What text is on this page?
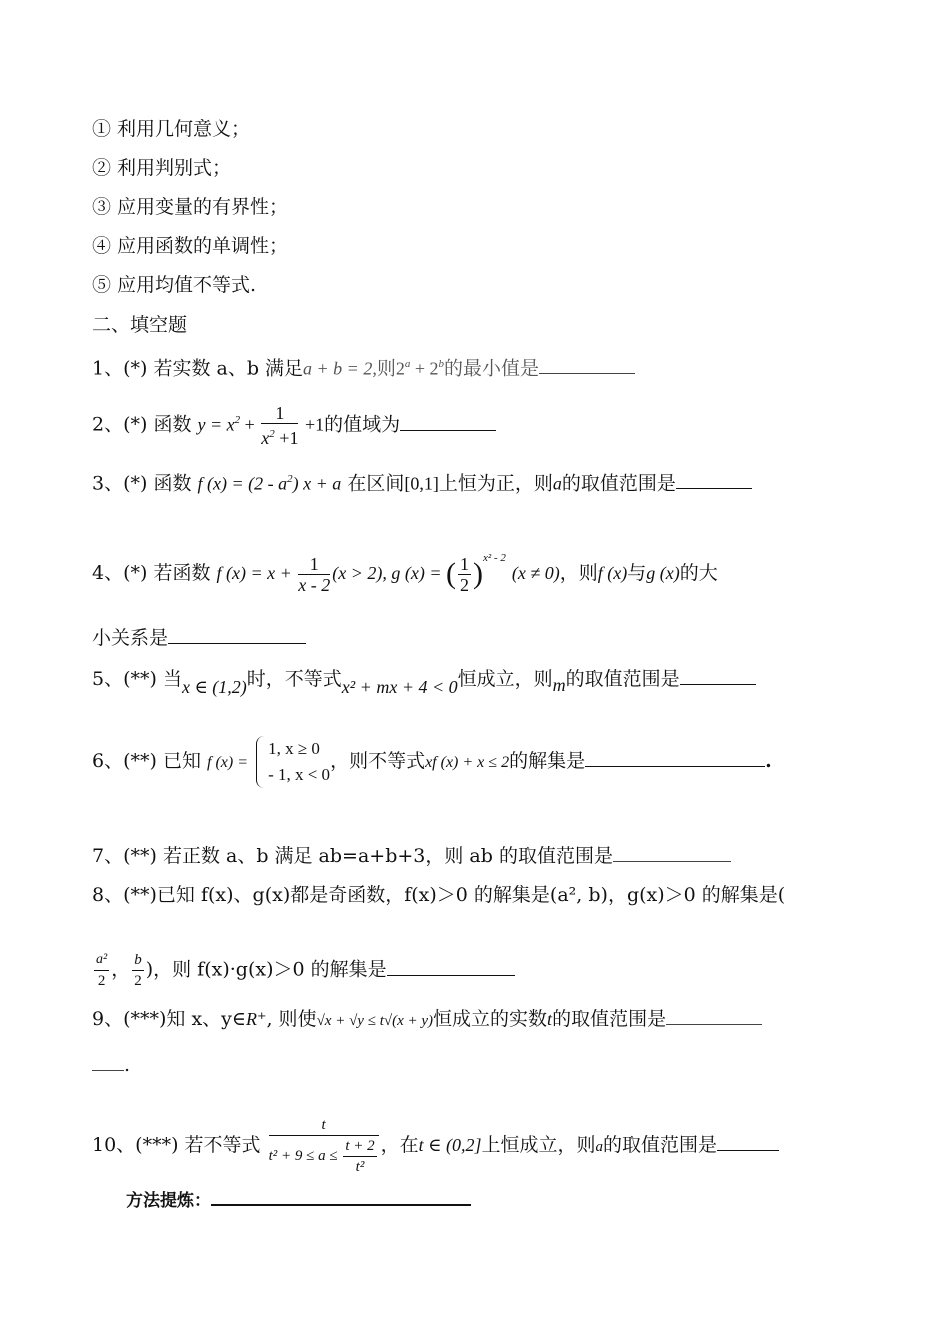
① 利用几何意义；
② 利用判别式；
③ 应用变量的有界性；
④ 应用函数的单调性；
⑤ 应用均值不等式.
二、填空题
1、(*) 若实数 a、b 满足a + b = 2,则$2^a + 2^b$的最小值是
2、(*) 函数 $y = x^2 + \frac{1}{x^2 +1} +1$的值域为
3、(*) 函数 f $(x) = (2 - a^2)$ x + a 在区间[0,1]上恒为正，则a的取值范围是
4、(*) 若函数 f $(x) = x + \frac{1}{x - 2} (x > 2)$, g (x) = ( $\frac{1}{2} )^{x^2 - 2}$ (x ≠ 0)，则f (x)与g (x)的大
小关系是
5、(**) 当x ∈ (1,2)时，不等式x² + mx + 4 < 0恒成立，则m的取值范围是
6、(**) 已知 f (x) =
1, x ≥ 0
- 1, x < 0
，则不等式xf (x) + x ≤ 2的解集是	.
7、(**) 若正数 a、b 满足 ab=a+b+3，则 ab 的取值范围是
8、(**)已知 f(x)、g(x)都是奇函数，f(x)＞0 的解集是(a², b)，g(x)＞0 的解集是(
$\frac{\text{a²}}{2}$ ， $\frac{b}{2}$ )，则 f(x)·g(x)＞0 的解集是
9、(***)知 x、y∈R⁺, 则使√x + √y ≤ t√(x + y)恒成立的实数t的取值范围是
.
10、(***) 若不等式 $\frac{t}{t^2 + 9 \le a \le \frac{t + 2}{\text{t²}}}$ ，在t ∈ (0,2]上恒成立，则a的取值范围是
方法提炼：
